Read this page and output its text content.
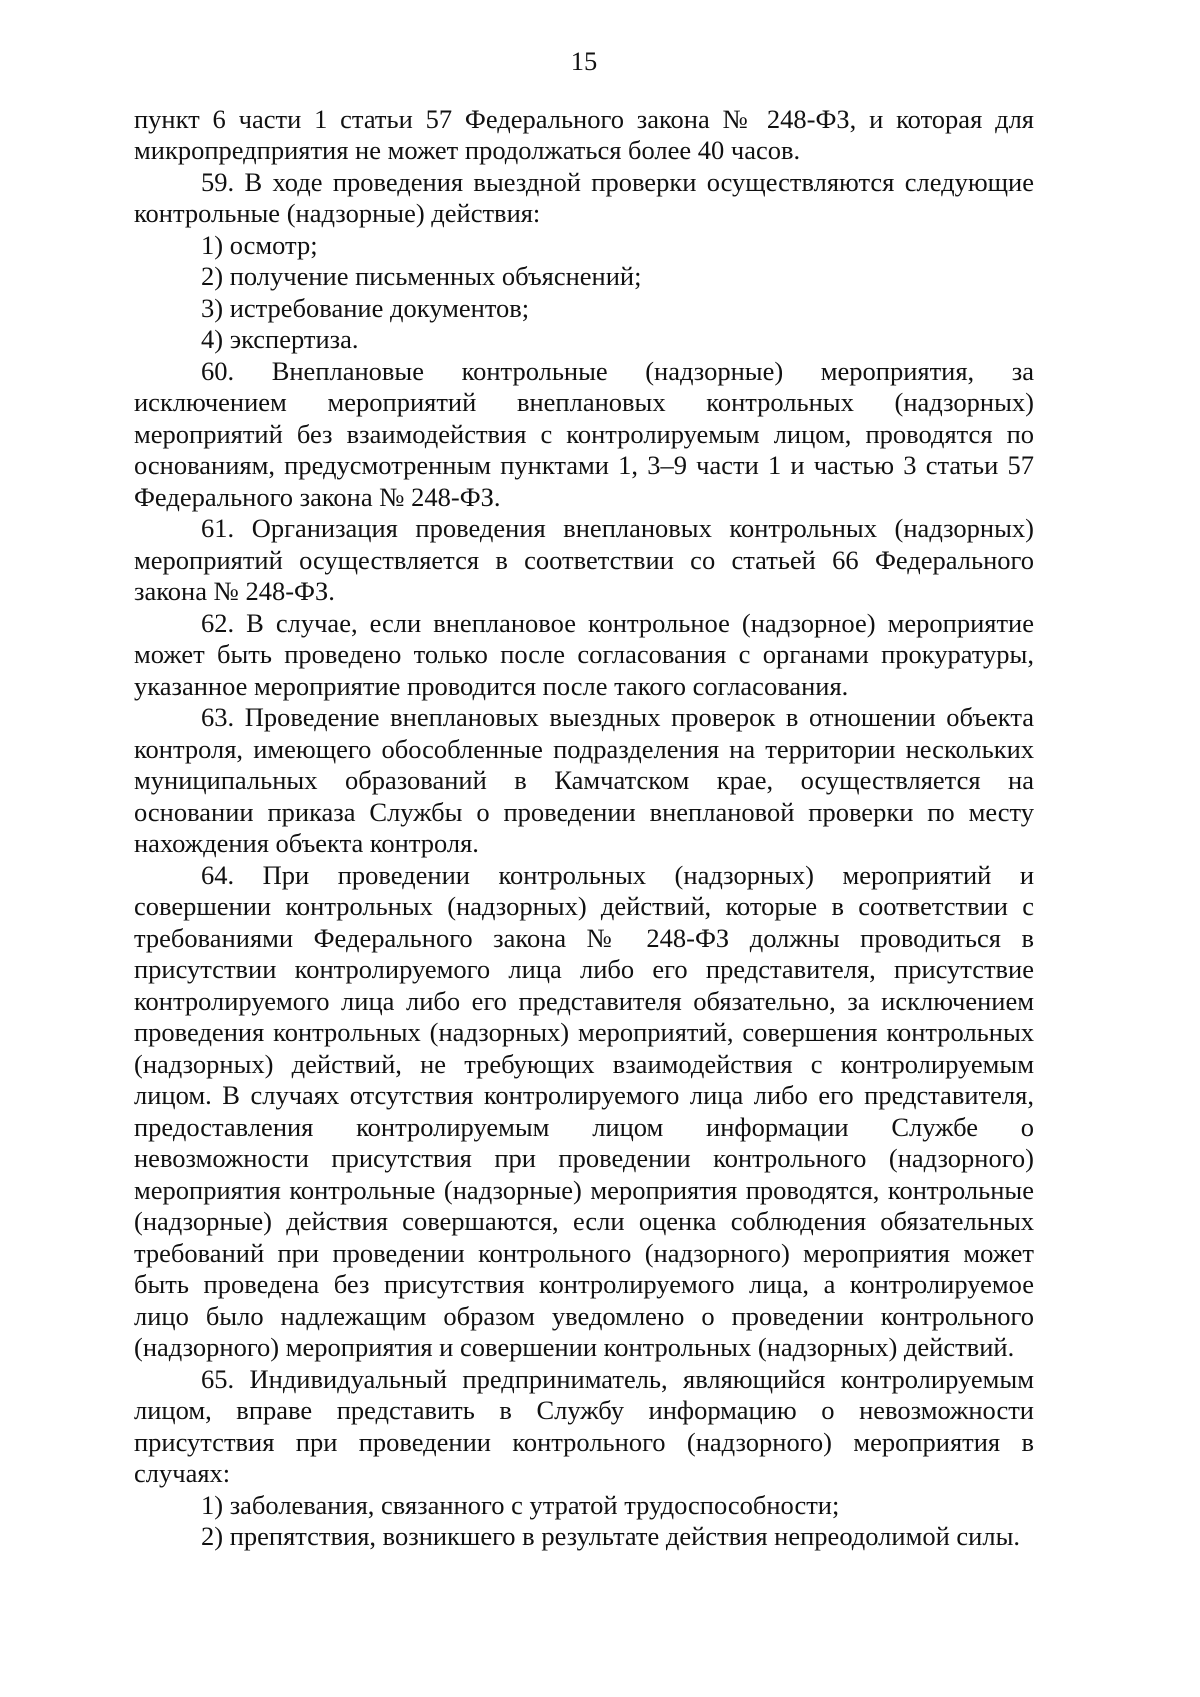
15

пункт 6 части 1 статьи 57 Федерального закона № 248-ФЗ, и которая для микропредприятия не может продолжаться более 40 часов.

59. В ходе проведения выездной проверки осуществляются следующие контрольные (надзорные) действия:

1) осмотр;

2) получение письменных объяснений;

3) истребование документов;

4) экспертиза.

60. Внеплановые контрольные (надзорные) мероприятия, за исключением мероприятий внеплановых контрольных (надзорных) мероприятий без взаимодействия с контролируемым лицом, проводятся по основаниям, предусмотренным пунктами 1, 3–9 части 1 и частью 3 статьи 57 Федерального закона № 248-ФЗ.

61. Организация проведения внеплановых контрольных (надзорных) мероприятий осуществляется в соответствии со статьей 66 Федерального закона № 248-ФЗ.

62. В случае, если внеплановое контрольное (надзорное) мероприятие может быть проведено только после согласования с органами прокуратуры, указанное мероприятие проводится после такого согласования.

63. Проведение внеплановых выездных проверок в отношении объекта контроля, имеющего обособленные подразделения на территории нескольких муниципальных образований в Камчатском крае, осуществляется на основании приказа Службы о проведении внеплановой проверки по месту нахождения объекта контроля.

64. При проведении контрольных (надзорных) мероприятий и совершении контрольных (надзорных) действий, которые в соответствии с требованиями Федерального закона № 248-ФЗ должны проводиться в присутствии контролируемого лица либо его представителя, присутствие контролируемого лица либо его представителя обязательно, за исключением проведения контрольных (надзорных) мероприятий, совершения контрольных (надзорных) действий, не требующих взаимодействия с контролируемым лицом. В случаях отсутствия контролируемого лица либо его представителя, предоставления контролируемым лицом информации Службе о невозможности присутствия при проведении контрольного (надзорного) мероприятия контрольные (надзорные) мероприятия проводятся, контрольные (надзорные) действия совершаются, если оценка соблюдения обязательных требований при проведении контрольного (надзорного) мероприятия может быть проведена без присутствия контролируемого лица, а контролируемое лицо было надлежащим образом уведомлено о проведении контрольного (надзорного) мероприятия и совершении контрольных (надзорных) действий.

65. Индивидуальный предприниматель, являющийся контролируемым лицом, вправе представить в Службу информацию о невозможности присутствия при проведении контрольного (надзорного) мероприятия в случаях:

1) заболевания, связанного с утратой трудоспособности;

2) препятствия, возникшего в результате действия непреодолимой силы.
